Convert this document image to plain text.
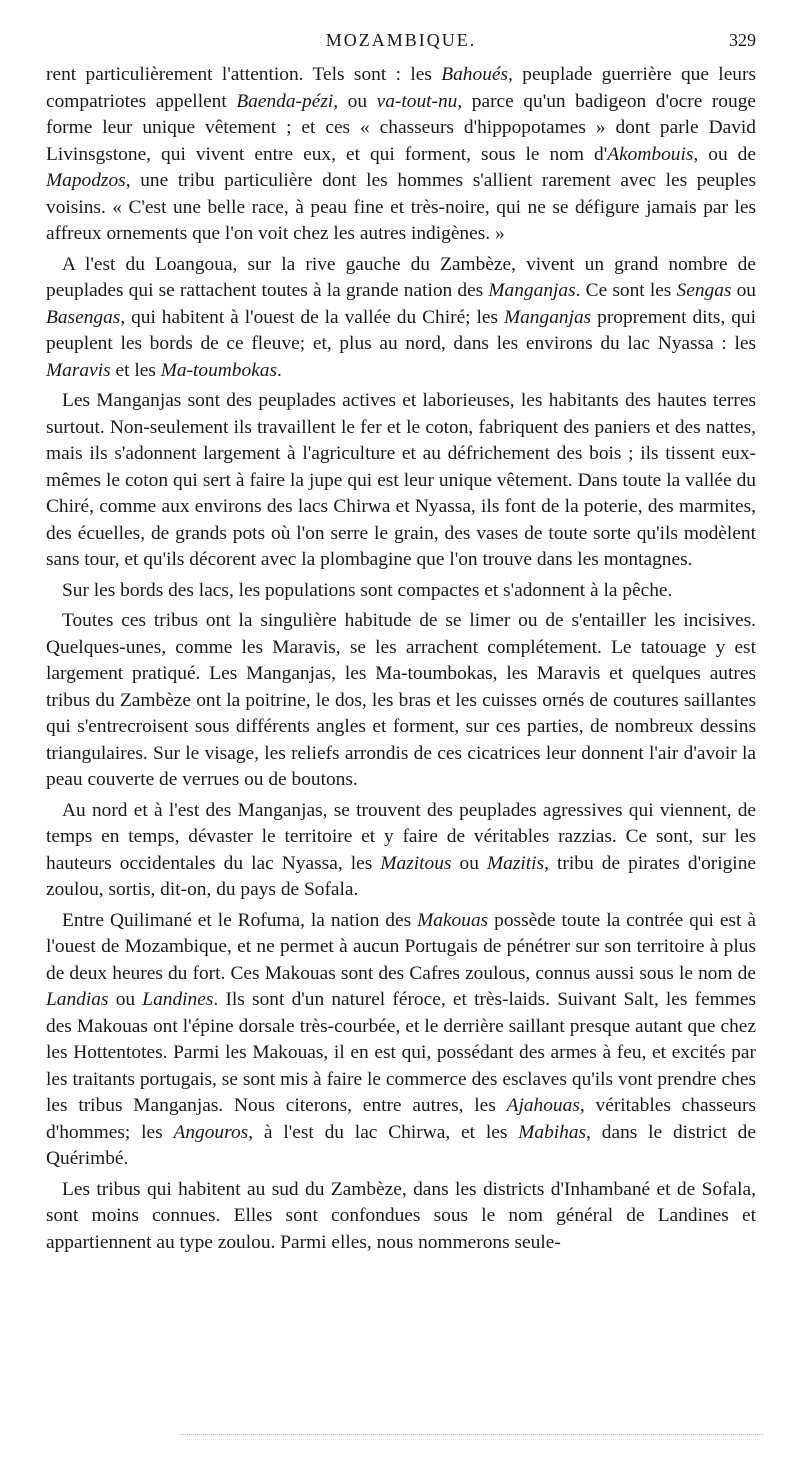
MOZAMBIQUE.	329

rent particulièrement l'attention. Tels sont : les Bahoués, peuplade guerrière que leurs compatriotes appellent Baenda-pézi, ou va-tout-nu, parce qu'un badigeon d'ocre rouge forme leur unique vêtement ; et ces « chasseurs d'hippopotames » dont parle David Livinsgstone, qui vivent entre eux, et qui forment, sous le nom d'Akombouis, ou de Mapodzos, une tribu particulière dont les hommes s'allient rarement avec les peuples voisins. « C'est une belle race, à peau fine et très-noire, qui ne se défigure jamais par les affreux ornements que l'on voit chez les autres indigènes. »

A l'est du Loangoua, sur la rive gauche du Zambèze, vivent un grand nombre de peuplades qui se rattachent toutes à la grande nation des Manganjas. Ce sont les Sengas ou Basengas, qui habitent à l'ouest de la vallée du Chiré; les Manganjas proprement dits, qui peuplent les bords de ce fleuve; et, plus au nord, dans les environs du lac Nyassa : les Maravis et les Ma-toumbokas.

Les Manganjas sont des peuplades actives et laborieuses, les habitants des hautes terres surtout. Non-seulement ils travaillent le fer et le coton, fabriquent des paniers et des nattes, mais ils s'adonnent largement à l'agriculture et au défrichement des bois ; ils tissent eux-mêmes le coton qui sert à faire la jupe qui est leur unique vêtement. Dans toute la vallée du Chiré, comme aux environs des lacs Chirwa et Nyassa, ils font de la poterie, des marmites, des écuelles, de grands pots où l'on serre le grain, des vases de toute sorte qu'ils modèlent sans tour, et qu'ils décorent avec la plombagine que l'on trouve dans les montagnes.

Sur les bords des lacs, les populations sont compactes et s'adonnent à la pêche.

Toutes ces tribus ont la singulière habitude de se limer ou de s'entailler les incisives. Quelques-unes, comme les Maravis, se les arrachent complétement. Le tatouage y est largement pratiqué. Les Manganjas, les Ma-toumbokas, les Maravis et quelques autres tribus du Zambèze ont la poitrine, le dos, les bras et les cuisses ornés de coutures saillantes qui s'entrecroisent sous différents angles et forment, sur ces parties, de nombreux dessins triangulaires. Sur le visage, les reliefs arrondis de ces cicatrices leur donnent l'air d'avoir la peau couverte de verrues ou de boutons.

Au nord et à l'est des Manganjas, se trouvent des peuplades agressives qui viennent, de temps en temps, dévaster le territoire et y faire de véritables razzias. Ce sont, sur les hauteurs occidentales du lac Nyassa, les Mazitous ou Mazitis, tribu de pirates d'origine zoulou, sortis, dit-on, du pays de Sofala.

Entre Quilimané et le Rofuma, la nation des Makouas possède toute la contrée qui est à l'ouest de Mozambique, et ne permet à aucun Portugais de pénétrer sur son territoire à plus de deux heures du fort. Ces Makouas sont des Cafres zoulous, connus aussi sous le nom de Landias ou Landines. Ils sont d'un naturel féroce, et très-laids. Suivant Salt, les femmes des Makouas ont l'épine dorsale très-courbée, et le derrière saillant presque autant que chez les Hottentotes. Parmi les Makouas, il en est qui, possédant des armes à feu, et excités par les traitants portugais, se sont mis à faire le commerce des esclaves qu'ils vont prendre ches les tribus Manganjas. Nous citerons, entre autres, les Ajahouas, véritables chasseurs d'hommes; les Angouros, à l'est du lac Chirwa, et les Mabihas, dans le district de Quérimbé.

Les tribus qui habitent au sud du Zambèze, dans les districts d'Inhambané et de Sofala, sont moins connues. Elles sont confondues sous le nom général de Landines et appartiennent au type zoulou. Parmi elles, nous nommerons seule-
